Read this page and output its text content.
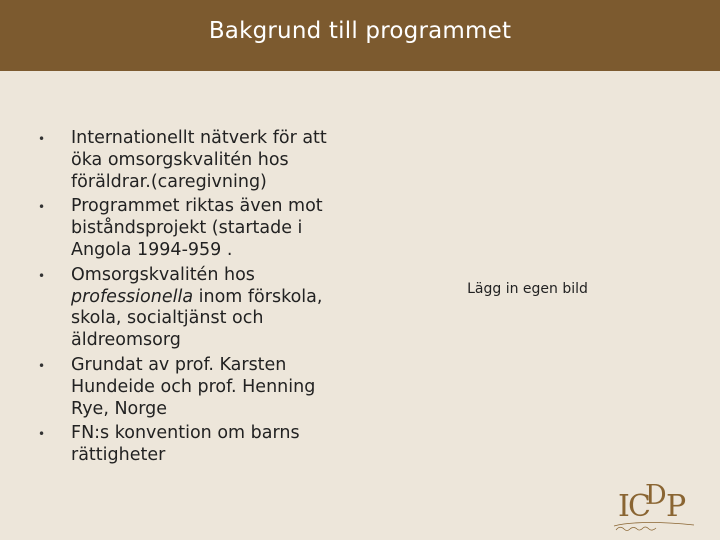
Bakgrund till programmet
•	Internationellt nätverk för att öka omsorgskvalitén hos föräldrar.(caregivning)
•	Programmet riktas även mot biståndsprojekt (startade i Angola 1994-959 .
•	Omsorgskvalitén hos professionella inom förskola, skola, socialtjänst och äldreomsorg
•	Grundat av prof. Karsten Hundeide och prof. Henning Rye, Norge
•	FN:s konvention om barns rättigheter
Lägg in egen bild
I
C
D P
